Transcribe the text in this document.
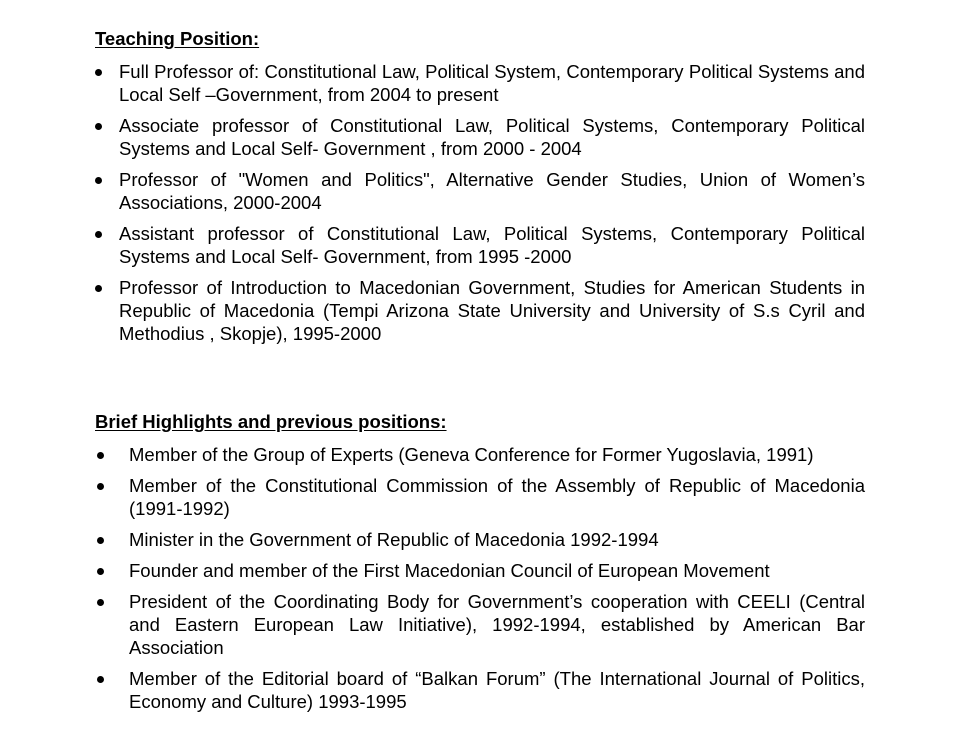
Teaching Position:
Full Professor of: Constitutional Law, Political System, Contemporary Political Systems and Local Self –Government, from 2004 to present
Associate professor of Constitutional Law, Political Systems, Contemporary Political Systems and Local Self- Government , from 2000 - 2004
Professor of "Women and Politics", Alternative Gender Studies, Union of Women’s Associations, 2000-2004
Assistant professor of Constitutional Law, Political Systems, Contemporary Political Systems and Local Self- Government, from 1995 -2000
Professor of Introduction to Macedonian Government, Studies for American Students in Republic of Macedonia (Tempi Arizona State University and University of S.s Cyril and Methodius , Skopje), 1995-2000
Brief Highlights and previous positions:
Member of the Group of Experts (Geneva Conference for Former Yugoslavia, 1991)
Member of the Constitutional Commission of the Assembly of Republic of Macedonia (1991-1992)
Minister in the Government of Republic of Macedonia 1992-1994
Founder and member of the First Macedonian Council of European Movement
President of the Coordinating Body for Government’s cooperation with CEELI (Central and Eastern European Law Initiative), 1992-1994, established by American Bar Association
Member of the Editorial board of “Balkan Forum” (The International Journal of Politics, Economy and Culture) 1993-1995
